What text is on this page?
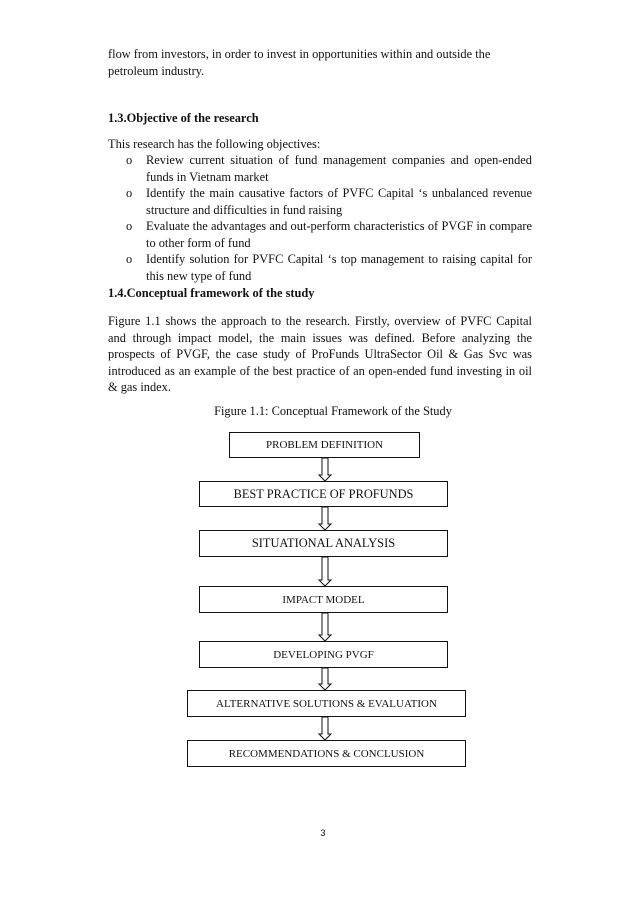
flow from investors, in order to invest in opportunities within and outside the

petroleum industry.

1.3.Objective of the research

This research has the following objectives:

o Review current situation of fund management companies and open-ended funds in Vietnam market
o Identify the main causative factors of PVFC Capital ‘s unbalanced revenue structure and difficulties in fund raising
o Evaluate the advantages and out-perform characteristics of PVGF in compare to other form of fund
o Identify solution for PVFC Capital ‘s top management to raising capital for this new type of fund

1.4.Conceptual framework of the study

Figure 1.1 shows the approach to the research. Firstly, overview of PVFC Capital and through impact model, the main issues was defined. Before analyzing the prospects of PVGF, the case study of ProFunds UltraSector Oil & Gas Svc was introduced as an example of the best practice of an open-ended fund investing in oil & gas index.

Figure 1.1: Conceptual Framework of the Study
PROBLEM DEFINITION
BEST PRACTICE OF PROFUNDS
SITUATIONAL ANALYSIS
IMPACT MODEL
DEVELOPING PVGF
ALTERNATIVE SOLUTIONS & EVALUATION
RECOMMENDATIONS & CONCLUSION
3
